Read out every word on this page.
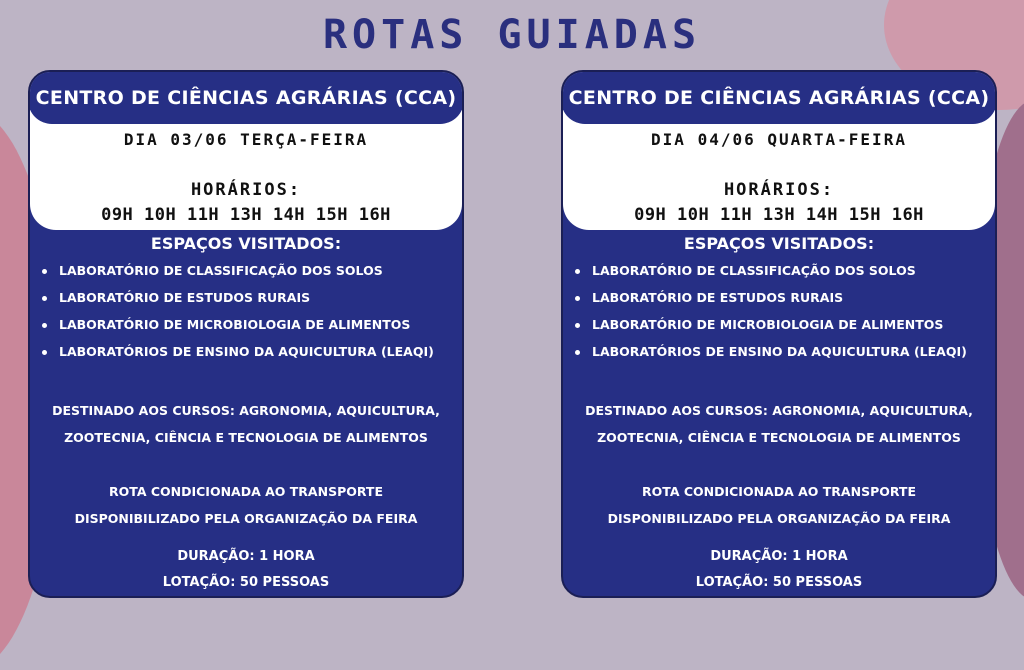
ROTAS GUIADAS
CENTRO DE CIÊNCIAS AGRÁRIAS (CCA)
DIA 03/06 TERÇA-FEIRA
HORÁRIOS:
09H 10H 11H 13H 14H 15H 16H
ESPAÇOS VISITADOS:
LABORATÓRIO DE CLASSIFICAÇÃO DOS SOLOS
LABORATÓRIO DE ESTUDOS RURAIS
LABORATÓRIO DE MICROBIOLOGIA DE ALIMENTOS
LABORATÓRIOS DE ENSINO DA AQUICULTURA (LEAQI)
DESTINADO AOS CURSOS: AGRONOMIA, AQUICULTURA,
ZOOTECNIA, CIÊNCIA E TECNOLOGIA DE ALIMENTOS
ROTA CONDICIONADA AO TRANSPORTE
DISPONIBILIZADO PELA ORGANIZAÇÃO DA FEIRA
DURAÇÃO: 1 HORA
LOTAÇÃO: 50 PESSOAS
CENTRO DE CIÊNCIAS AGRÁRIAS (CCA)
DIA 04/06 QUARTA-FEIRA
HORÁRIOS:
09H 10H 11H 13H 14H 15H 16H
ESPAÇOS VISITADOS:
LABORATÓRIO DE CLASSIFICAÇÃO DOS SOLOS
LABORATÓRIO DE ESTUDOS RURAIS
LABORATÓRIO DE MICROBIOLOGIA DE ALIMENTOS
LABORATÓRIOS DE ENSINO DA AQUICULTURA (LEAQI)
DESTINADO AOS CURSOS: AGRONOMIA, AQUICULTURA,
ZOOTECNIA, CIÊNCIA E TECNOLOGIA DE ALIMENTOS
ROTA CONDICIONADA AO TRANSPORTE
DISPONIBILIZADO PELA ORGANIZAÇÃO DA FEIRA
DURAÇÃO: 1 HORA
LOTAÇÃO: 50 PESSOAS
